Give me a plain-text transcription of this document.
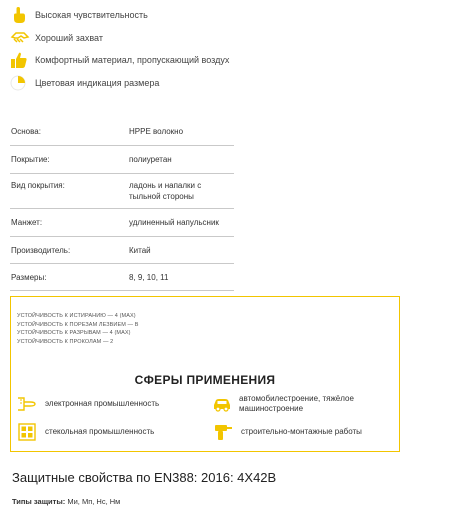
Высокая чувствительность
Хороший захват
Комфортный материал, пропускающий воздух
Цветовая индикация размера
Основа:	HPPE волокно
Покрытие:	полиуретан
Вид покрытия:	ладонь и напалки с тыльной стороны
Манжет:	удлиненный напульсник
Производитель:	Китай
Размеры:	8, 9, 10, 11
УСТОЙЧИВОСТЬ К ИСТИРАНИЮ — 4 (MAX)
УСТОЙЧИВОСТЬ К ПОРЕЗАМ ЛЕЗВИЕМ — В
УСТОЙЧИВОСТЬ К РАЗРЫВАМ — 4 (MAX)
УСТОЙЧИВОСТЬ К ПРОКОЛАМ — 2
СФЕРЫ ПРИМЕНЕНИЯ
электронная промышленность
автомобилестроение, тяжёлое машиностроение
стекольная промышленность	строительно-монтажные работы
Защитные свойства по EN388: 2016: 4X42B
Типы защиты: Ми, Мп, Нс, Нм
